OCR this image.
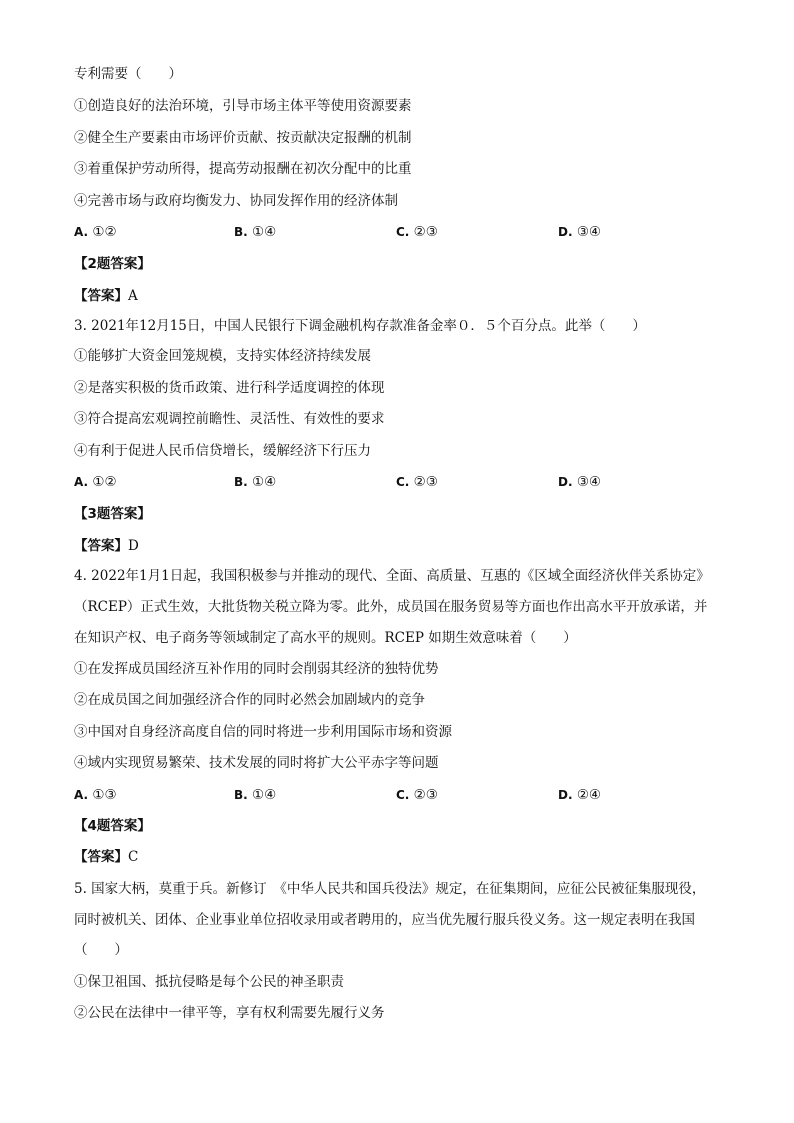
专利需要（　　）
①创造良好的法治环境，引导市场主体平等使用资源要素
②健全生产要素由市场评价贡献、按贡献决定报酬的机制
③着重保护劳动所得，提高劳动报酬在初次分配中的比重
④完善市场与政府均衡发力、协同发挥作用的经济体制
A. ①②	B. ①④	C. ②③	D. ③④
【2题答案】
【答案】A
3. 2021年12月15日，中国人民银行下调金融机构存款准备金率０．５个百分点。此举（　　）
①能够扩大资金回笼规模，支持实体经济持续发展
②是落实积极的货币政策、进行科学适度调控的体现
③符合提高宏观调控前瞻性、灵活性、有效性的要求
④有利于促进人民币信贷增长，缓解经济下行压力
A. ①②	B. ①④	C. ②③	D. ③④
【3题答案】
【答案】D
4. 2022年1月1日起，我国积极参与并推动的现代、全面、高质量、互惠的《区域全面经济伙伴关系协定》
（RCEP）正式生效，大批货物关税立降为零。此外，成员国在服务贸易等方面也作出高水平开放承诺，并
在知识产权、电子商务等领域制定了高水平的规则。RCEP 如期生效意味着（　　）
①在发挥成员国经济互补作用的同时会削弱其经济的独特优势
②在成员国之间加强经济合作的同时必然会加剧域内的竞争
③中国对自身经济高度自信的同时将进一步利用国际市场和资源
④域内实现贸易繁荣、技术发展的同时将扩大公平赤字等问题
A. ①③	B. ①④	C. ②③	D. ②④
【4题答案】
【答案】C
5. 国家大柄，莫重于兵。新修订　《中华人民共和国兵役法》规定，在征集期间，应征公民被征集服现役，
同时被机关、团体、企业事业单位招收录用或者聘用的，应当优先履行服兵役义务。这一规定表明在我国
（　　）
①保卫祖国、抵抗侵略是每个公民的神圣职责
②公民在法律中一律平等，享有权利需要先履行义务
